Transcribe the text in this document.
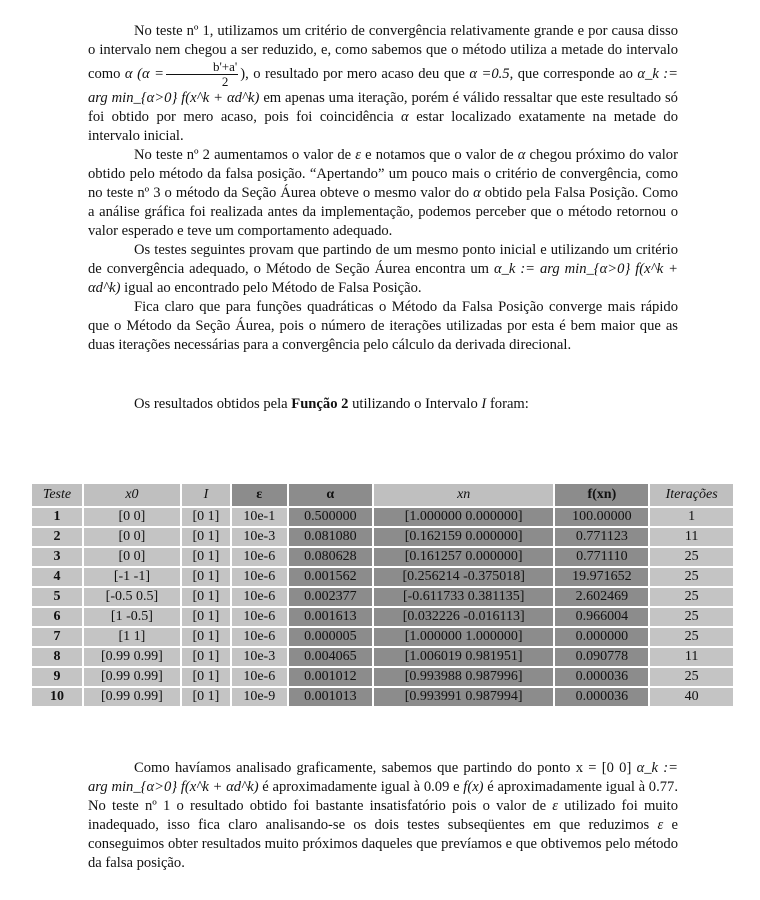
No teste nº 1, utilizamos um critério de convergência relativamente grande e por causa disso o intervalo nem chegou a ser reduzido, e, como sabemos que o método utiliza a metade do intervalo como α ($\alpha = \frac{b'+a'}{2}$ ), o resultado por mero acaso deu que α =0.5, que corresponde ao α_k := arg min_{α>0} f(x^k + αd^k) em apenas uma iteração, porém é válido ressaltar que este resultado só foi obtido por mero acaso, pois foi coincidência α estar localizado exatamente na metade do intervalo inicial.

No teste nº 2 aumentamos o valor de ε e notamos que o valor de α chegou próximo do valor obtido pelo método da falsa posição. “Apertando” um pouco mais o critério de convergência, como no teste nº 3 o método da Seção Áurea obteve o mesmo valor do α obtido pela Falsa Posição. Como a análise gráfica foi realizada antes da implementação, podemos perceber que o método retornou o valor esperado e teve um comportamento adequado.

Os testes seguintes provam que partindo de um mesmo ponto inicial e utilizando um critério de convergência adequado, o Método de Seção Áurea encontra um α_k := arg min_{α>0} f(x^k + αd^k) igual ao encontrado pelo Método de Falsa Posição.

Fica claro que para funções quadráticas o Método da Falsa Posição converge mais rápido que o Método da Seção Áurea, pois o número de iterações utilizadas por esta é bem maior que as duas iterações necessárias para a convergência pelo cálculo da derivada direcional.

Os resultados obtidos pela Função 2 utilizando o Intervalo I foram:

Teste	x0	I	ε	α	xn	f(xn)	Iterações
1	[0 0]	[0 1]	10e-1	0.500000	[1.000000 0.000000]	100.00000	1
2	[0 0]	[0 1]	10e-3	0.081080	[0.162159 0.000000]	0.771123	11
3	[0 0]	[0 1]	10e-6	0.080628	[0.161257 0.000000]	0.771110	25
4	[-1 -1]	[0 1]	10e-6	0.001562	[0.256214 -0.375018]	19.971652	25
5	[-0.5 0.5]	[0 1]	10e-6	0.002377	[-0.611733 0.381135]	2.602469	25
6	[1 -0.5]	[0 1]	10e-6	0.001613	[0.032226 -0.016113]	0.966004	25
7	[1 1]	[0 1]	10e-6	0.000005	[1.000000 1.000000]	0.000000	25
8	[0.99 0.99]	[0 1]	10e-3	0.004065	[1.006019 0.981951]	0.090778	11
9	[0.99 0.99]	[0 1]	10e-6	0.001012	[0.993988 0.987996]	0.000036	25
10	[0.99 0.99]	[0 1]	10e-9	0.001013	[0.993991 0.987994]	0.000036	40

Como havíamos analisado graficamente, sabemos que partindo do ponto x = [0 0] α_k := arg min_{α>0} f(x^k + αd^k) é aproximadamente igual à 0.09 e f(x) é aproximadamente igual à 0.77. No teste nº 1 o resultado obtido foi bastante insatisfatório pois o valor de ε utilizado foi muito inadequado, isso fica claro analisando-se os dois testes subseqüentes em que reduzimos ε e conseguimos obter resultados muito próximos daqueles que prevíamos e que obtivemos pelo método da falsa posição.
